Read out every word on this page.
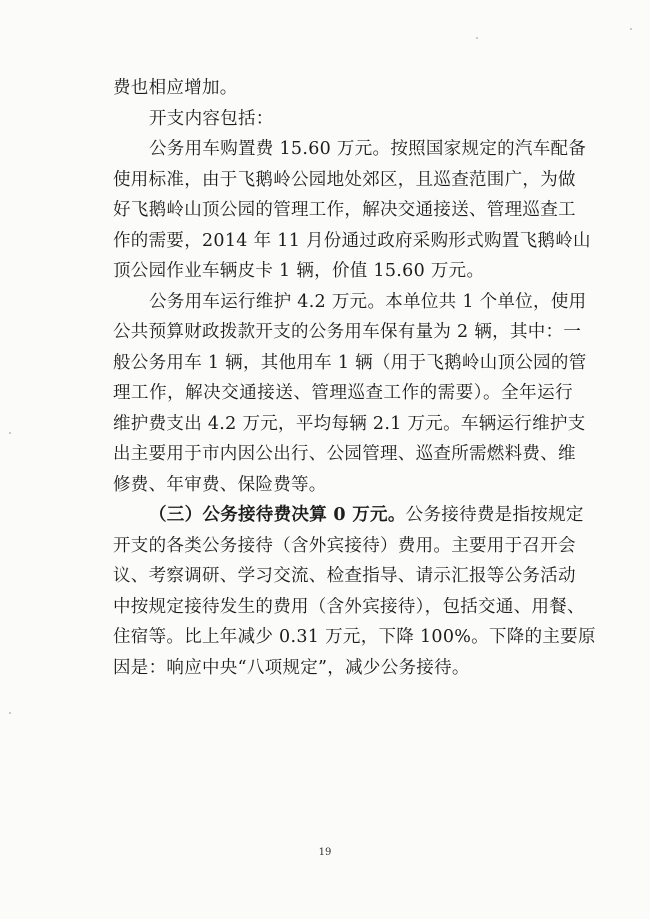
费也相应增加。
开支内容包括：
公务用车购置费 15.60 万元。按照国家规定的汽车配备
使用标准，由于飞鹅岭公园地处郊区，且巡查范围广，为做
好飞鹅岭山顶公园的管理工作，解决交通接送、管理巡查工
作的需要，2014 年 11 月份通过政府采购形式购置飞鹅岭山
顶公园作业车辆皮卡 1 辆，价值 15.60 万元。
公务用车运行维护 4.2 万元。本单位共 1 个单位，使用
公共预算财政拨款开支的公务用车保有量为 2 辆，其中：一
般公务用车 1 辆，其他用车 1 辆（用于飞鹅岭山顶公园的管
理工作，解决交通接送、管理巡查工作的需要）。全年运行
维护费支出 4.2 万元，平均每辆 2.1 万元。车辆运行维护支
出主要用于市内因公出行、公园管理、巡查所需燃料费、维
修费、年审费、保险费等。
（三）公务接待费决算 0 万元。公务接待费是指按规定
开支的各类公务接待（含外宾接待）费用。主要用于召开会
议、考察调研、学习交流、检查指导、请示汇报等公务活动
中按规定接待发生的费用（含外宾接待），包括交通、用餐、
住宿等。比上年减少 0.31 万元，下降 100%。下降的主要原
因是：响应中央“八项规定”，减少公务接待。
19
